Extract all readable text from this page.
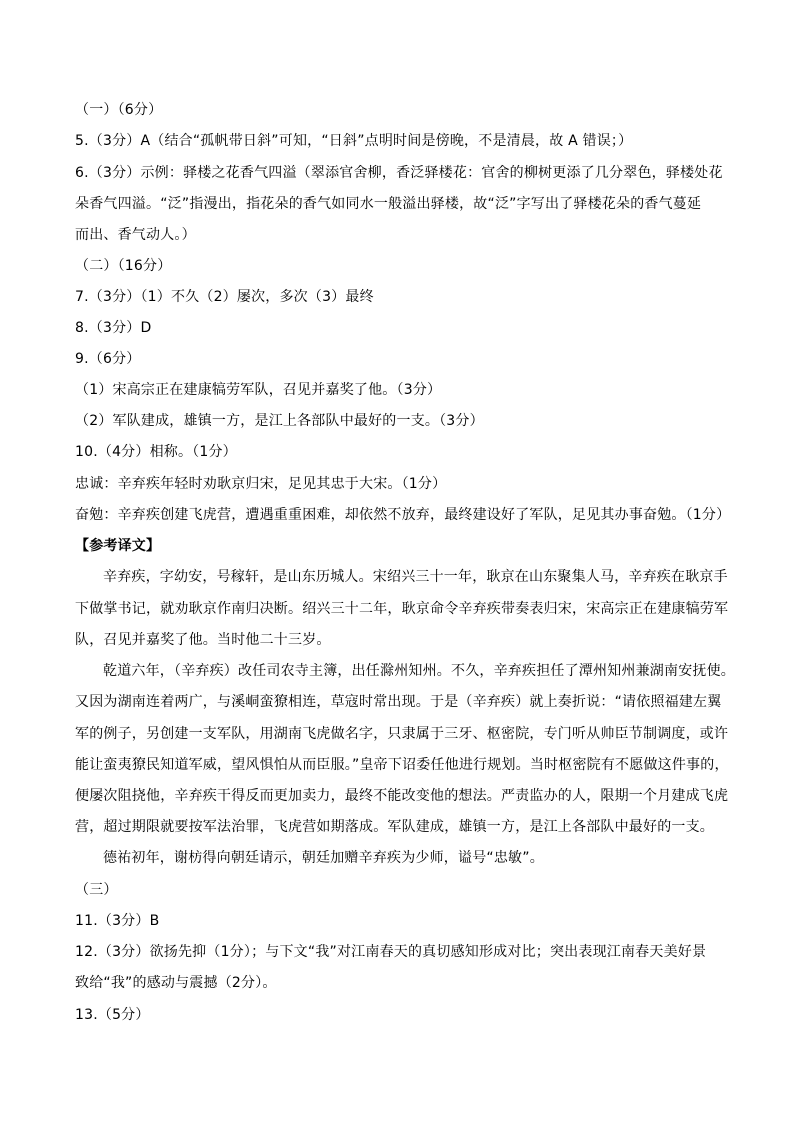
（一）（6分）
5.（3分）A（结合“孤帆带日斜”可知，“日斜”点明时间是傍晚，不是清晨，故 A 错误；）
6.（3分）示例：驿楼之花香气四溢（翠添官舍柳，香泛驿楼花：官舍的柳树更添了几分翠色，驿楼处花
朵香气四溢。“泛”指漫出，指花朵的香气如同水一般溢出驿楼，故“泛”字写出了驿楼花朵的香气蔓延
而出、香气动人。）
（二）（16分）
7.（3分）（1）不久（2）屡次，多次（3）最终
8.（3分）D
9.（6分）
（1）宋高宗正在建康犒劳军队，召见并嘉奖了他。（3分）
（2）军队建成，雄镇一方，是江上各部队中最好的一支。（3分）
10.（4分）相称。（1分）
忠诚：辛弃疾年轻时劝耿京归宋，足见其忠于大宋。（1分）
奋勉：辛弃疾创建飞虎营，遭遇重重困难，却依然不放弃，最终建设好了军队，足见其办事奋勉。（1分）
【参考译文】
辛弃疾，字幼安，号稼轩，是山东历城人。宋绍兴三十一年，耿京在山东聚集人马，辛弃疾在耿京手
下做掌书记，就劝耿京作南归决断。绍兴三十二年，耿京命令辛弃疾带奏表归宋，宋高宗正在建康犒劳军
队，召见并嘉奖了他。当时他二十三岁。
乾道六年，（辛弃疾）改任司农寺主簿，出任滁州知州。不久，辛弃疾担任了潭州知州兼湖南安抚使。
又因为湖南连着两广，与溪峒蛮獠相连，草寇时常出现。于是（辛弃疾）就上奏折说：“请依照福建左翼
军的例子，另创建一支军队，用湖南飞虎做名字，只隶属于三牙、枢密院，专门听从帅臣节制调度，或许
能让蛮夷獠民知道军威，望风惧怕从而臣服。”皇帝下诏委任他进行规划。当时枢密院有不愿做这件事的，
便屡次阻挠他，辛弃疾干得反而更加卖力，最终不能改变他的想法。严责监办的人，限期一个月建成飞虎
营，超过期限就要按军法治罪，飞虎营如期落成。军队建成，雄镇一方，是江上各部队中最好的一支。
德祐初年，谢枋得向朝廷请示，朝廷加赠辛弃疾为少师，谥号“忠敏”。
（三）
11.（3分）B
12.（3分）欲扬先抑（1分）；与下文“我”对江南春天的真切感知形成对比；突出表现江南春天美好景
致给“我”的感动与震撼（2分）。
13.（5分）
